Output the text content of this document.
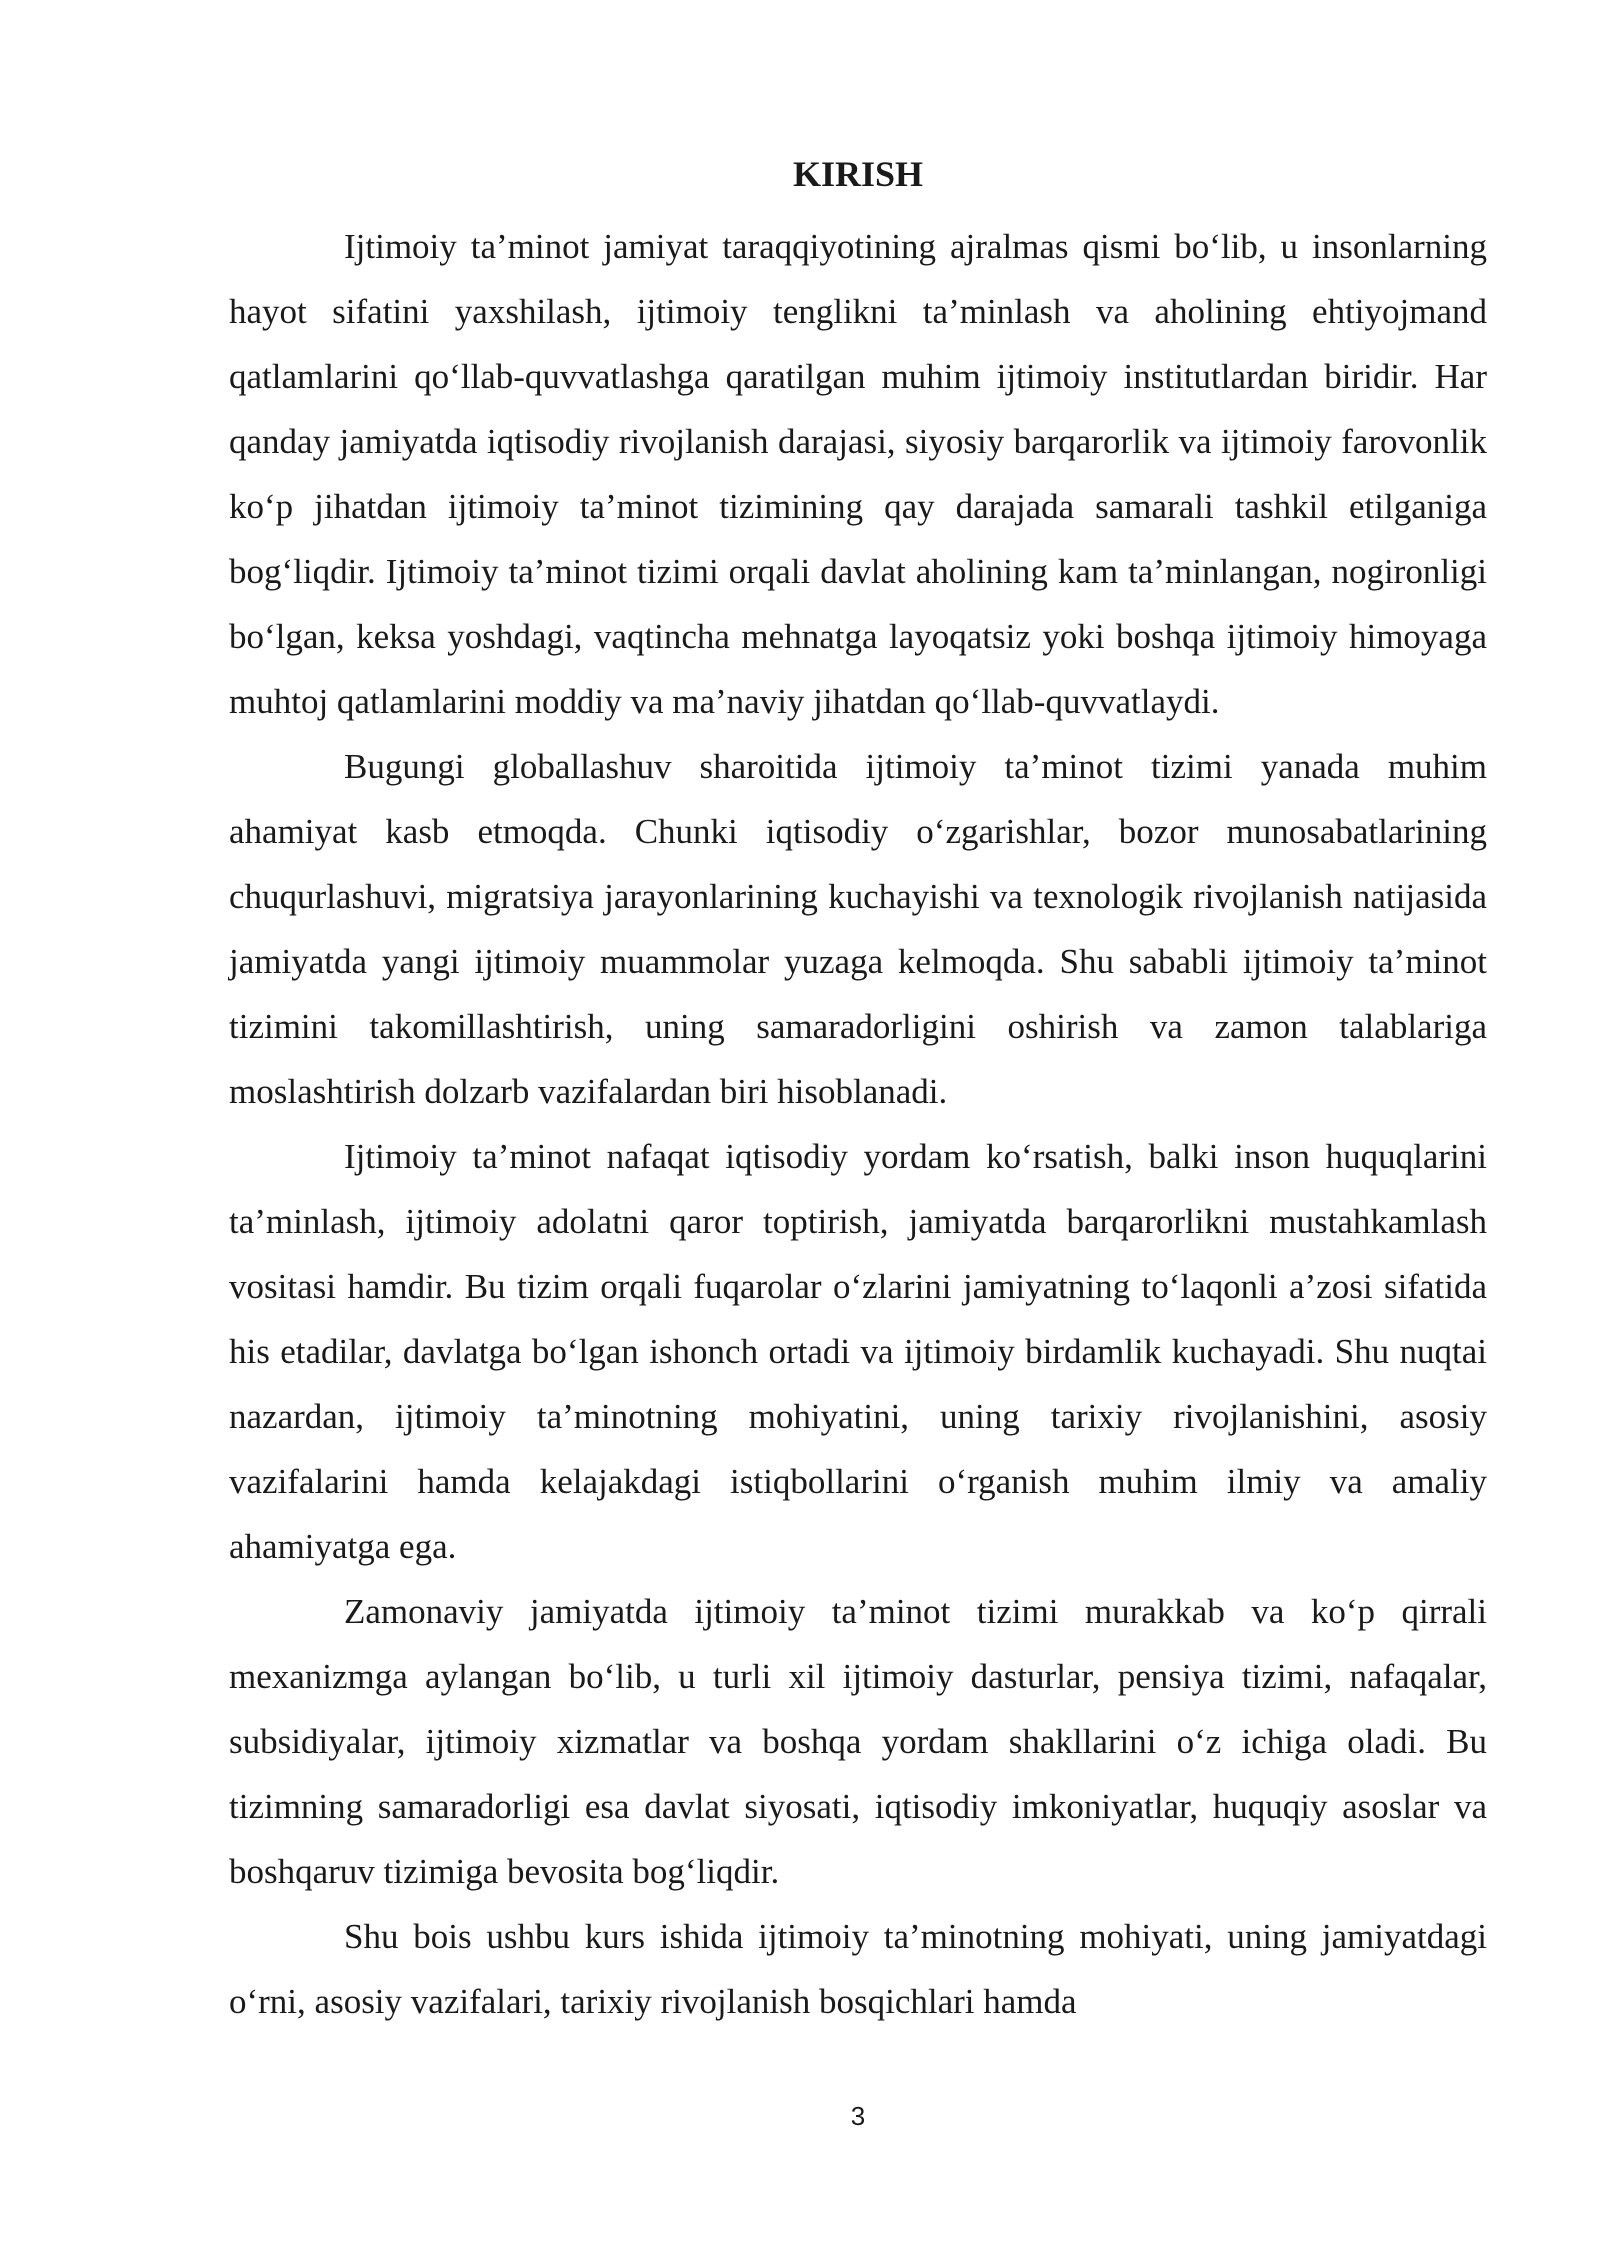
KIRISH

Ijtimoiy ta’minot jamiyat taraqqiyotining ajralmas qismi bo‘lib, u insonlarning hayot sifatini yaxshilash, ijtimoiy tenglikni ta’minlash va aholining ehtiyojmand qatlamlarini qo‘llab-quvvatlashga qaratilgan muhim ijtimoiy institutlardan biridir. Har qanday jamiyatda iqtisodiy rivojlanish darajasi, siyosiy barqarorlik va ijtimoiy farovonlik ko‘p jihatdan ijtimoiy ta’minot tizimining qay darajada samarali tashkil etilganiga bog‘liqdir. Ijtimoiy ta’minot tizimi orqali davlat aholining kam ta’minlangan, nogironligi bo‘lgan, keksa yoshdagi, vaqtincha mehnatga layoqatsiz yoki boshqa ijtimoiy himoyaga muhtoj qatlamlarini moddiy va ma’naviy jihatdan qo‘llab-quvvatlaydi.

Bugungi globallashuv sharoitida ijtimoiy ta’minot tizimi yanada muhim ahamiyat kasb etmoqda. Chunki iqtisodiy o‘zgarishlar, bozor munosabatlarining chuqurlashuvi, migratsiya jarayonlarining kuchayishi va texnologik rivojlanish natijasida jamiyatda yangi ijtimoiy muammolar yuzaga kelmoqda. Shu sababli ijtimoiy ta’minot tizimini takomillashtirish, uning samaradorligini oshirish va zamon talablariga moslashtirish dolzarb vazifalardan biri hisoblanadi.

Ijtimoiy ta’minot nafaqat iqtisodiy yordam ko‘rsatish, balki inson huquqlarini ta’minlash, ijtimoiy adolatni qaror toptirish, jamiyatda barqarorlikni mustahkamlash vositasi hamdir. Bu tizim orqali fuqarolar o‘zlarini jamiyatning to‘laqonli a’zosi sifatida his etadilar, davlatga bo‘lgan ishonch ortadi va ijtimoiy birdamlik kuchayadi. Shu nuqtai nazardan, ijtimoiy ta’minotning mohiyatini, uning tarixiy rivojlanishini, asosiy vazifalarini hamda kelajakdagi istiqbollarini o‘rganish muhim ilmiy va amaliy ahamiyatga ega.

Zamonaviy jamiyatda ijtimoiy ta’minot tizimi murakkab va ko‘p qirrali mexanizmga aylangan bo‘lib, u turli xil ijtimoiy dasturlar, pensiya tizimi, nafaqalar, subsidiyalar, ijtimoiy xizmatlar va boshqa yordam shakllarini o‘z ichiga oladi. Bu tizimning samaradorligi esa davlat siyosati, iqtisodiy imkoniyatlar, huquqiy asoslar va boshqaruv tizimiga bevosita bog‘liqdir.

Shu bois ushbu kurs ishida ijtimoiy ta’minotning mohiyati, uning jamiyatdagi o‘rni, asosiy vazifalari, tarixiy rivojlanish bosqichlari hamda

3
